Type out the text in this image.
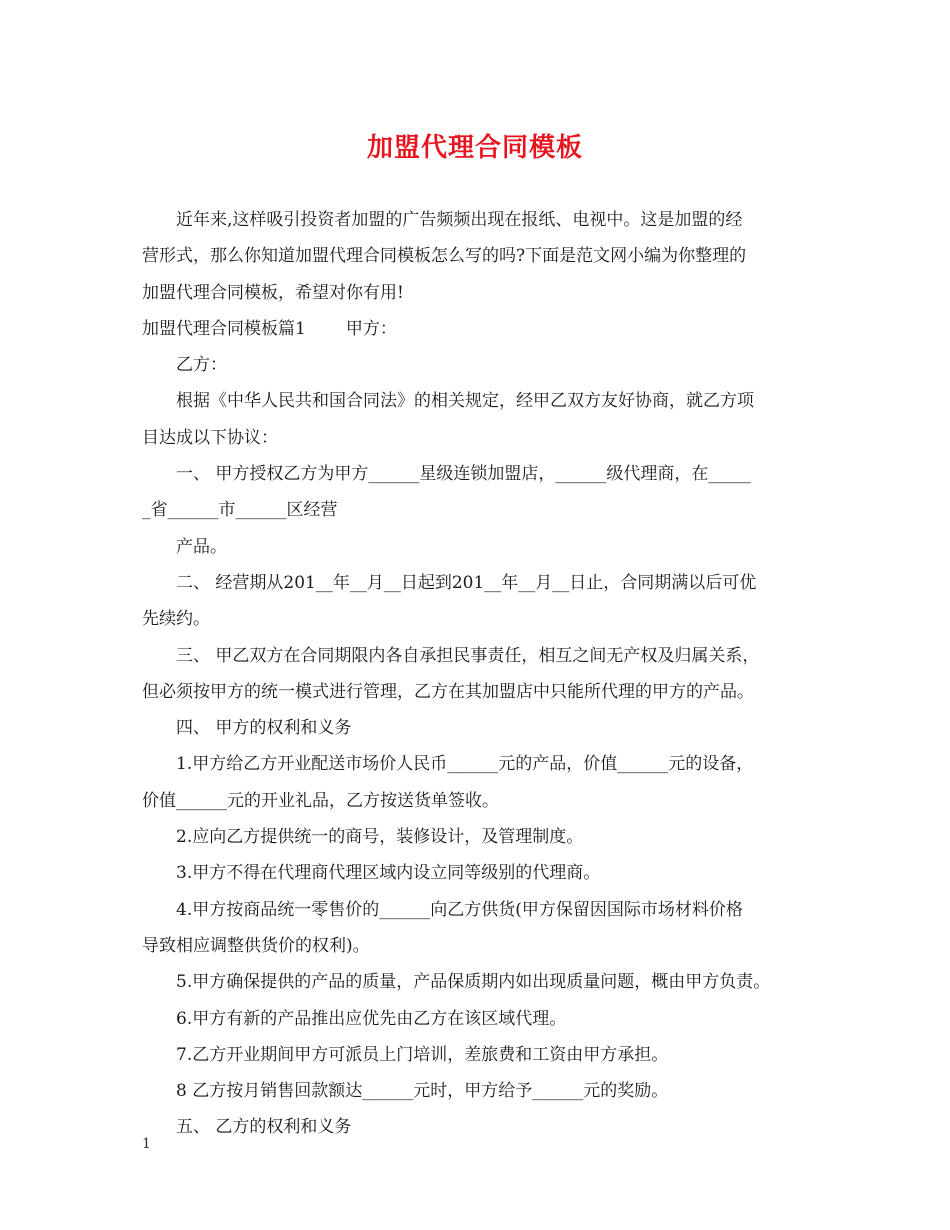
加盟代理合同模板

近年来,这样吸引投资者加盟的广告频频出现在报纸、电视中。这是加盟的经

营形式，那么你知道加盟代理合同模板怎么写的吗?下面是范文网小编为你整理的

加盟代理合同模板，希望对你有用!

加盟代理合同模板篇1 甲方：

乙方：

根据《中华人民共和国合同法》的相关规定，经甲乙双方友好协商，就乙方项

目达成以下协议：

一、 甲方授权乙方为甲方______星级连锁加盟店，______级代理商，在_____

_省______市______区经营

产品。

二、 经营期从201__年__月__日起到201__年__月__日止，合同期满以后可优

先续约。

三、 甲乙双方在合同期限内各自承担民事责任，相互之间无产权及归属关系，

但必须按甲方的统一模式进行管理，乙方在其加盟店中只能所代理的甲方的产品。

四、 甲方的权利和义务

1.甲方给乙方开业配送市场价人民币______元的产品，价值______元的设备，

价值______元的开业礼品，乙方按送货单签收。

2.应向乙方提供统一的商号，装修设计，及管理制度。

3.甲方不得在代理商代理区域内设立同等级别的代理商。

4.甲方按商品统一零售价的______向乙方供货(甲方保留因国际市场材料价格

导致相应调整供货价的权利)。

5.甲方确保提供的产品的质量，产品保质期内如出现质量问题，概由甲方负责。

6.甲方有新的产品推出应优先由乙方在该区域代理。

7.乙方开业期间甲方可派员上门培训，差旅费和工资由甲方承担。

8 乙方按月销售回款额达______元时，甲方给予______元的奖励。

五、 乙方的权利和义务

1
